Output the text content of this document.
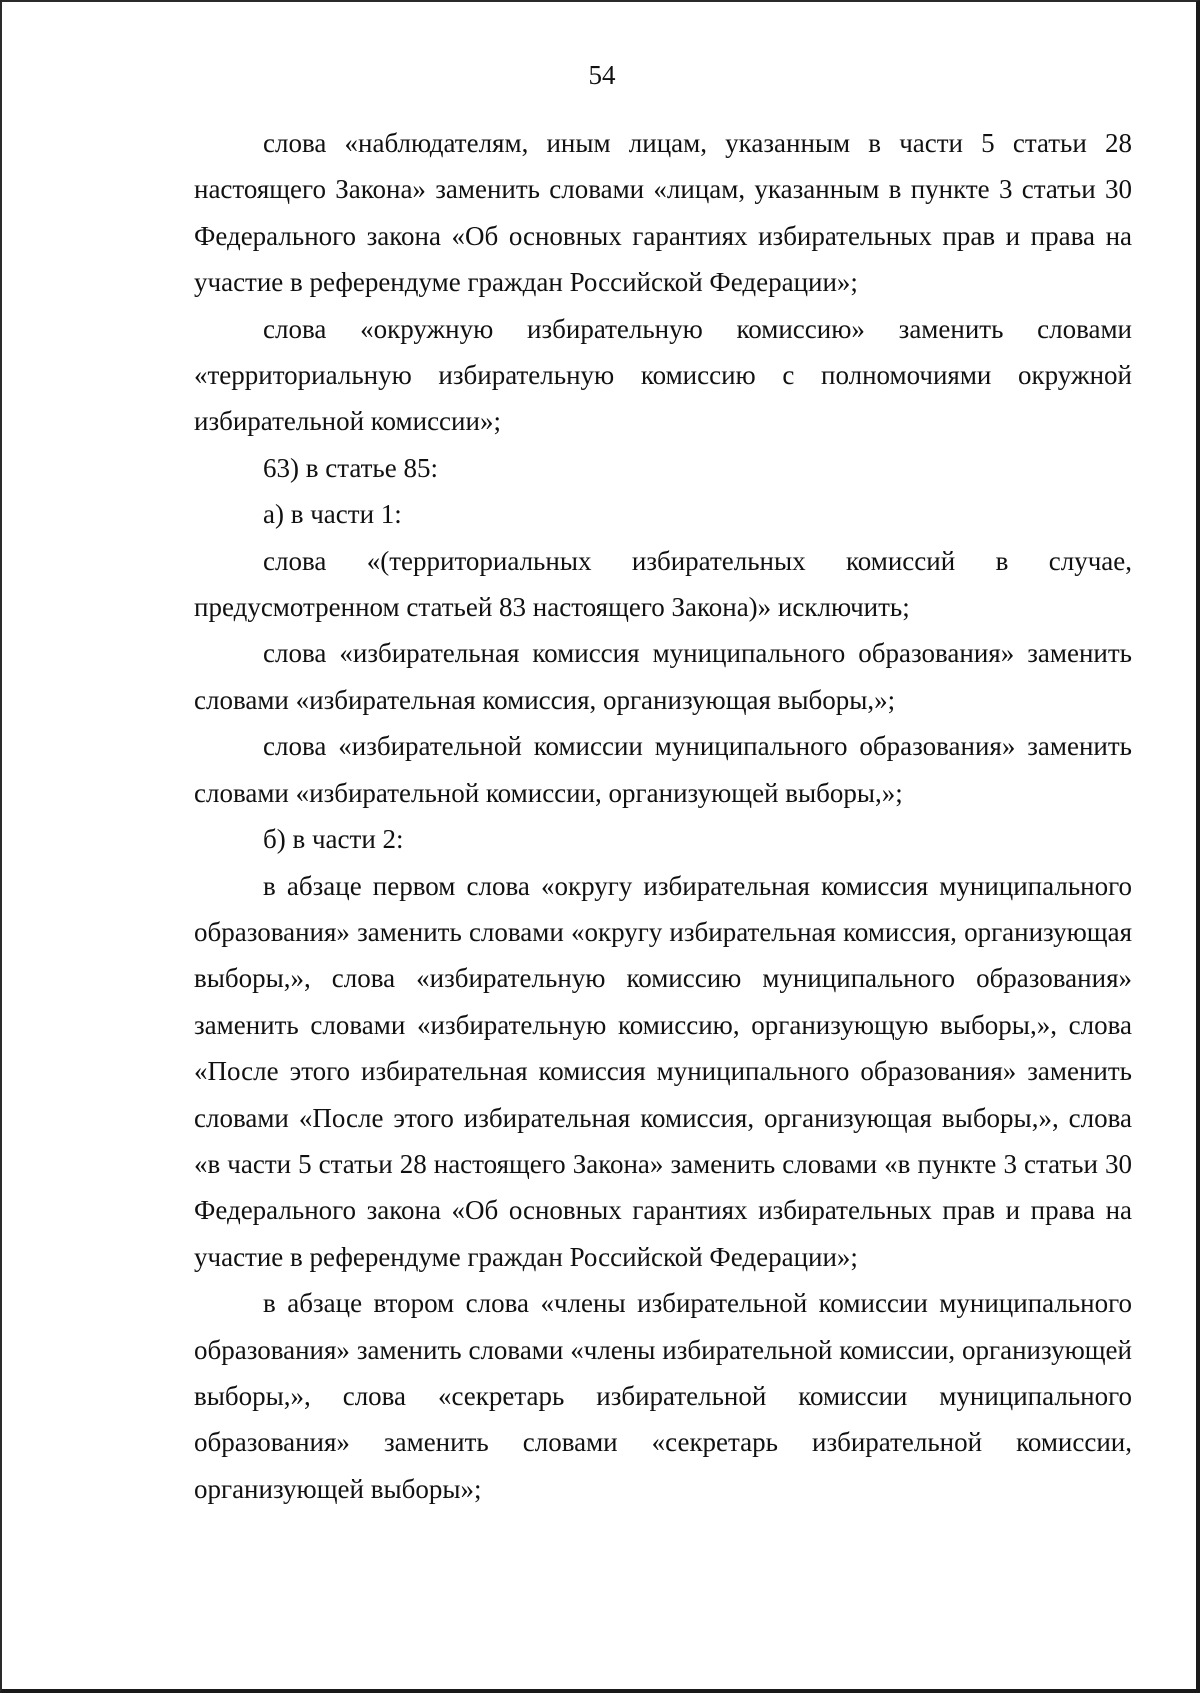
54

слова «наблюдателям, иным лицам, указанным в части 5 статьи 28 настоящего Закона» заменить словами «лицам, указанным в пункте 3 статьи 30 Федерального закона «Об основных гарантиях избирательных прав и права на участие в референдуме граждан Российской Федерации»;

слова «окружную избирательную комиссию» заменить словами «территориальную избирательную комиссию с полномочиями окружной избирательной комиссии»;

63) в статье 85:

а) в части 1:

слова «(территориальных избирательных комиссий в случае, предусмотренном статьей 83 настоящего Закона)» исключить;

слова «избирательная комиссия муниципального образования» заменить словами «избирательная комиссия, организующая выборы,»;

слова «избирательной комиссии муниципального образования» заменить словами «избирательной комиссии, организующей выборы,»;

б) в части 2:

в абзаце первом слова «округу избирательная комиссия муниципального образования» заменить словами «округу избирательная комиссия, организующая выборы,», слова «избирательную комиссию муниципального образования» заменить словами «избирательную комиссию, организующую выборы,», слова «После этого избирательная комиссия муниципального образования» заменить словами «После этого избирательная комиссия, организующая выборы,», слова «в части 5 статьи 28 настоящего Закона» заменить словами «в пункте 3 статьи 30 Федерального закона «Об основных гарантиях избирательных прав и права на участие в референдуме граждан Российской Федерации»;

в абзаце втором слова «члены избирательной комиссии муниципального образования» заменить словами «члены избирательной комиссии, организующей выборы,», слова «секретарь избирательной комиссии муниципального образования» заменить словами «секретарь избирательной комиссии, организующей выборы»;
